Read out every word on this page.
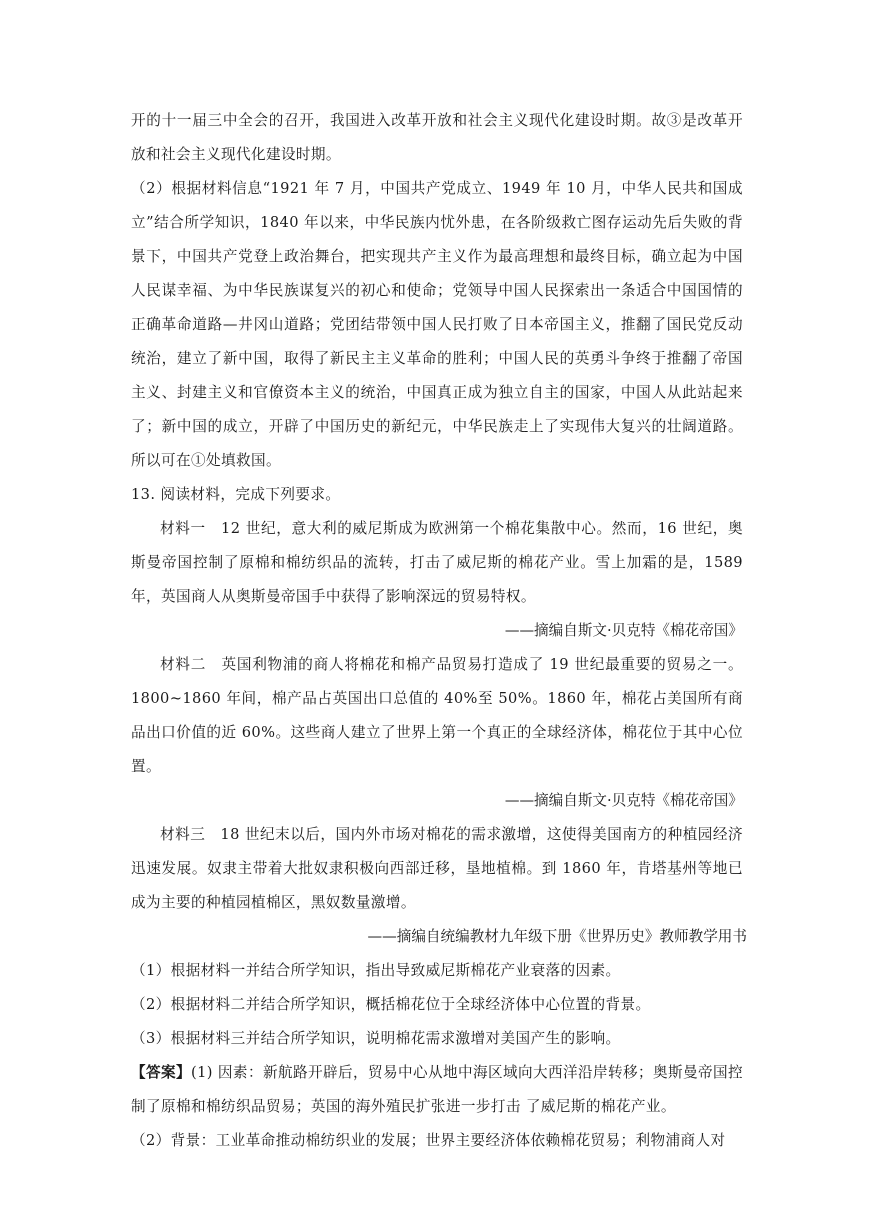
开的十一届三中全会的召开，我国进入改革开放和社会主义现代化建设时期。故③是改革开放和社会主义现代化建设时期。

（2）根据材料信息“1921 年 7 月，中国共产党成立、1949 年 10 月，中华人民共和国成立”结合所学知识，1840 年以来，中华民族内忧外患，在各阶级救亡图存运动先后失败的背景下，中国共产党登上政治舞台，把实现共产主义作为最高理想和最终目标，确立起为中国人民谋幸福、为中华民族谋复兴的初心和使命；党领导中国人民探索出一条适合中国国情的正确革命道路—井冈山道路；党团结带领中国人民打败了日本帝国主义，推翻了国民党反动统治，建立了新中国，取得了新民主主义革命的胜利；中国人民的英勇斗争终于推翻了帝国主义、封建主义和官僚资本主义的统治，中国真正成为独立自主的国家，中国人从此站起来了；新中国的成立，开辟了中国历史的新纪元，中华民族走上了实现伟大复兴的壮阔道路。所以可在①处填救国。

13. 阅读材料，完成下列要求。

材料一　12 世纪，意大利的威尼斯成为欧洲第一个棉花集散中心。然而，16 世纪，奥斯曼帝国控制了原棉和棉纺织品的流转，打击了威尼斯的棉花产业。雪上加霜的是，1589 年，英国商人从奥斯曼帝国手中获得了影响深远的贸易特权。

——摘编自斯文·贝克特《棉花帝国》

材料二　英国利物浦的商人将棉花和棉产品贸易打造成了 19 世纪最重要的贸易之一。1800~1860 年间，棉产品占英国出口总值的 40%至 50%。1860 年，棉花占美国所有商品出口价值的近 60%。这些商人建立了世界上第一个真正的全球经济体，棉花位于其中心位置。

——摘编自斯文·贝克特《棉花帝国》

材料三　18 世纪末以后，国内外市场对棉花的需求激增，这使得美国南方的种植园经济迅速发展。奴隶主带着大批奴隶积极向西部迁移，垦地植棉。到 1860 年，肯塔基州等地已成为主要的种植园植棉区，黑奴数量激增。

——摘编自统编教材九年级下册《世界历史》教师教学用书

（1）根据材料一并结合所学知识，指出导致威尼斯棉花产业衰落的因素。

（2）根据材料二并结合所学知识，概括棉花位于全球经济体中心位置的背景。

（3）根据材料三并结合所学知识，说明棉花需求激增对美国产生的影响。

【答案】(1) 因素：新航路开辟后，贸易中心从地中海区域向大西洋沿岸转移；奥斯曼帝国控制了原棉和棉纺织品贸易；英国的海外殖民扩张进一步打击 了威尼斯的棉花产业。

（2）背景：工业革命推动棉纺织业的发展；世界主要经济体依赖棉花贸易；利物浦商人对
